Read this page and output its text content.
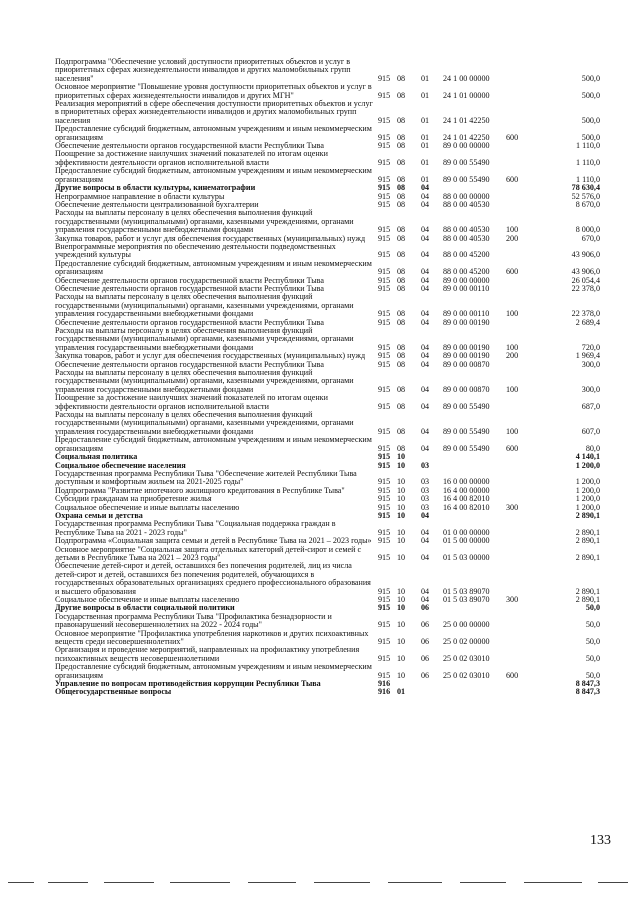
Подпрограмма "Обеспечение условий доступности приоритетных объектов и услуг в приоритетных сферах жизнедеятельности инвалидов и других маломобильных групп населения"	915 08	01	24 1 00 00000	500,0
Основное мероприятие "Повышение уровня доступности приоритетных объектов и услуг в приоритетных сферах жизнедеятельности инвалидов и других МГН"	915 08	01	24 1 01 00000	500,0
Реализация мероприятий в сфере обеспечения доступности приоритетных объектов и услуг в приоритетных сферах жизнедеятельности инвалидов и других маломобильных групп населения	915 08	01	24 1 01 42250	500,0
Предоставление субсидий бюджетным, автономным учреждениям и иным некоммерческим организациям	915 08	01	24 1 01 42250	600	500,0
Обеспечение деятельности органов государственной власти Республики Тыва	915 08	01	89 0 00 00000	1 110,0
Поощрение за достижение наилучших значений показателей по итогам оценки эффективности деятельности органов исполнительной власти	915 08	01	89 0 00 55490	1 110,0
Предоставление субсидий бюджетным, автономным учреждениям и иным некоммерческим организациям	915 08	01	89 0 00 55490	600	1 110,0
Другие вопросы в области культуры, кинематографии	915 08	04	78 630,4
Непрограммное направление в области культуры	915 08	04	88 0 00 00000	52 576,0
Обеспечение деятельности централизованной бухгалтерии	915 08	04	88 0 00 40530	8 670,0
Расходы на выплаты персоналу в целях обеспечения выполнения функций государственными (муниципальными) органами, казенными учреждениями, органами управления государственными внебюджетными фондами	915 08	04	88 0 00 40530	100	8 000,0
Закупка товаров, работ и услуг для обеспечения государственных (муниципальных) нужд	915 08	04	88 0 00 40530	200	670,0
Внепрограммные мероприятия по обеспечению деятельности подведомственных учреждений культуры	915 08	04	88 0 00 45200	43 906,0
Предоставление субсидий бюджетным, автономным учреждениям и иным некоммерческим организациям	915 08	04	88 0 00 45200	600	43 906,0
Обеспечение деятельности органов государственной власти Республики Тыва	915 08	04	89 0 00 00000	26 054,4
Обеспечение деятельности органов государственной власти Республики Тыва	915 08	04	89 0 00 00110	22 378,0
Расходы на выплаты персоналу в целях обеспечения выполнения функций государственными (муниципальными) органами, казенными учреждениями, органами управления государственными внебюджетными фондами	915 08	04	89 0 00 00110	100	22 378,0
Обеспечение деятельности органов государственной власти Республики Тыва	915 08	04	89 0 00 00190	2 689,4
Расходы на выплаты персоналу в целях обеспечения выполнения функций государственными (муниципальными) органами, казенными учреждениями, органами управления государственными внебюджетными фондами	915 08	04	89 0 00 00190	100	720,0
Закупка товаров, работ и услуг для обеспечения государственных (муниципальных) нужд	915 08	04	89 0 00 00190	200	1 969,4
Обеспечение деятельности органов государственной власти Республики Тыва	915 08	04	89 0 00 00870	300,0
Расходы на выплаты персоналу в целях обеспечения выполнения функций государственными (муниципальными) органами, казенными учреждениями, органами управления государственными внебюджетными фондами	915 08	04	89 0 00 00870	100	300,0
Поощрение за достижение наилучших значений показателей по итогам оценки эффективности деятельности органов исполнительной власти	915 08	04	89 0 00 55490	687,0
Расходы на выплаты персоналу в целях обеспечения выполнения функций государственными (муниципальными) органами, казенными учреждениями, органами управления государственными внебюджетными фондами	915 08	04	89 0 00 55490	100	607,0
Предоставление субсидий бюджетным, автономным учреждениям и иным некоммерческим организациям	915 08	04	89 0 00 55490	600	80,0
Социальная политика	915 10	4 140,1
Социальное обеспечение населения	915 10	03	1 200,0
Государственная программа Республики Тыва "Обеспечение жителей Республики Тыва доступным и комфортным жильем на 2021-2025 годы"	915 10	03	16 0 00 00000	1 200,0
Подпрограмма "Развитие ипотечного жилищного кредитования в Республике Тыва"	915 10	03	16 4 00 00000	1 200,0
Субсидии гражданам на приобретение жилья	915 10	03	16 4 00 82010	1 200,0
Социальное обеспечение и иные выплаты населению	915 10	03	16 4 00 82010	300	1 200,0
Охрана семьи и детства	915 10	04	2 890,1
Государственная программа Республики Тыва "Социальная поддержка граждан в Республике Тыва на 2021 - 2023 годы"	915 10	04	01 0 00 00000	2 890,1
Подпрограмма «Социальная защита семьи и детей в Республике Тыва на 2021 – 2023 годы» 915 10	04	01 5 00 00000	2 890,1
Основное мероприятие "Социальная защита отдельных категорий детей-сирот и семей с детьми в Республике Тыва на 2021 – 2023 годы"	915 10	04	01 5 03 00000	2 890,1
Обеспечение детей-сирот и детей, оставшихся без попечения родителей, лиц из числа детей-сирот и детей, оставшихся без попечения родителей, обучающихся в государственных образовательных организациях среднего профессионального образования и высшего образования	915 10	04	01 5 03 89070	2 890,1
Социальное обеспечение и иные выплаты населению	915 10	04	01 5 03 89070	300	2 890,1
Другие вопросы в области социальной политики	915 10	06	50,0
Государственная программа Республики Тыва "Профилактика безнадзорности и правонарушений несовершеннолетних на 2022 - 2024 годы"	915 10	06	25 0 00 00000	50,0
Основное мероприятие "Профилактика употребления наркотиков и других психоактивных веществ среди несовершеннолетних"	915 10	06	25 0 02 00000	50,0
Организация и проведение мероприятий, направленных на профилактику употребления психоактивных веществ несовершеннолетними	915 10	06	25 0 02 03010	50,0
Предоставление субсидий бюджетным, автономным учреждениям и иным некоммерческим организациям	915 10	06	25 0 02 03010	600	50,0
Управление по вопросам противодействия коррупции Республики Тыва	916	8 847,3
Общегосударственные вопросы	916 01	8 847,3
133
